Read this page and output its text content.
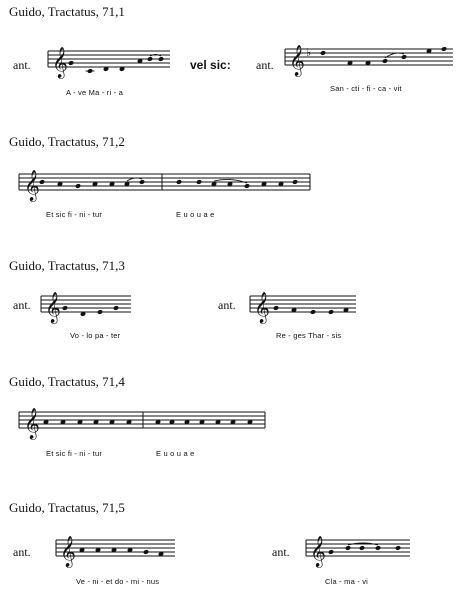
Guido, Tractatus, 71,1
Guido, Tractatus, 71,2
Guido, Tractatus, 71,3
Guido, Tractatus, 71,4
Guido, Tractatus, 71,5
ant.	vel sic: ant.
ant.	ant.
ant.	ant.
A - ve Ma - ri - a	San - cti - fi - ca - vit
Et sic fi - ni - tur	E u o u a e
Vo - lo pa - ter	Re - ges Thar - sis
Et sic fi - ni - tur	E u o u a e
Ve - ni - et do - mi - nus	Cla - ma - vi
𝄞	𝄞 ♭
𝄞
𝄞	𝄞
𝄞
𝄞	𝄞
